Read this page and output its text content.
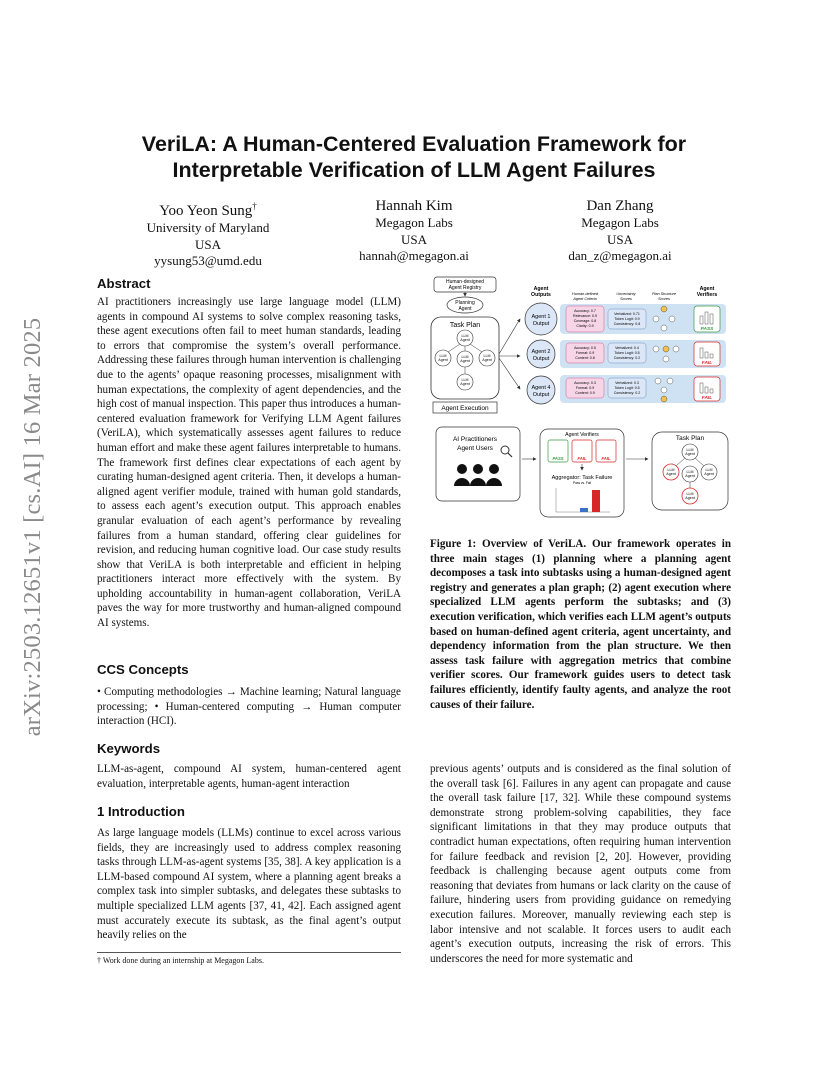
arXiv:2503.12651v1 [cs.AI] 16 Mar 2025
VeriLA: A Human-Centered Evaluation Framework for
Interpretable Verification of LLM Agent Failures
Yoo Yeon Sung†
University of Maryland
USA
yysung53@umd.edu
Hannah Kim
Megagon Labs
USA
hannah@megagon.ai
Dan Zhang
Megagon Labs
USA
dan_z@megagon.ai
Abstract
AI practitioners increasingly use large language model (LLM) agents in compound AI systems to solve complex reasoning tasks, these agent executions often fail to meet human standards, leading to errors that compromise the system’s overall performance. Addressing these failures through human intervention is challenging due to the agents’ opaque reasoning processes, misalignment with human expectations, the complexity of agent dependencies, and the high cost of manual inspection. This paper thus introduces a human-centered evaluation framework for Verifying LLM Agent failures (VeriLA), which systematically assesses agent failures to reduce human effort and make these agent failures interpretable to humans. The framework first defines clear expectations of each agent by curating human-designed agent criteria. Then, it develops a human-aligned agent verifier module, trained with human gold standards, to assess each agent’s execution output. This approach enables granular evaluation of each agent’s performance by revealing failures from a human standard, offering clear guidelines for revision, and reducing human cognitive load. Our case study results show that VeriLA is both interpretable and efficient in helping practitioners interact more effectively with the system. By upholding accountability in human-agent collaboration, VeriLA paves the way for more trustworthy and human-aligned compound AI systems.
CCS Concepts
• Computing methodologies → Machine learning; Natural language processing; • Human-centered computing → Human computer interaction (HCI).
Keywords
LLM-as-agent, compound AI system, human-centered agent evaluation, interpretable agents, human-agent interaction
1 Introduction
As large language models (LLMs) continue to excel across various fields, they are increasingly used to address complex reasoning tasks through LLM-as-agent systems [35, 38]. A key application is a LLM-based compound AI system, where a planning agent breaks a complex task into simpler subtasks, and delegates these subtasks to multiple specialized LLM agents [37, 41, 42]. Each assigned agent must accurately execute its subtask, as the final agent’s output heavily relies on the
† Work done during an internship at Megagon Labs.
Human-designed Agent Registry
Planning Agent
Task Plan
LLM Agent
LLM Agent
LLM Agent
LLM Agent
LLM Agent
Agent Execution
Agent Outputs	Human-defined Agent Criteria
Uncertainty Scores
Plan Structure Scores
Agent Verifiers
Agent 1 Output
Accuracy: 0.7 Relevance: 0.9 Coverage: 0.8 Clarity: 0.9
Verbalized: 0.71 Token Logit: 0.9 Consistency: 0.8
PASS
Agent 2 Output
Accuracy: 0.5 Format: 0.9 Content: 0.8
Verbalized: 0.4 Token Logit: 0.5 Consistency: 0.2
FAIL
Agent 4 Output
Accuracy: 0.3 Format: 0.9 Content: 0.9
Verbalized: 0.3 Token Logit: 0.5 Consistency: 0.2
FAIL
AI Practitioners Agent Users
Agent Verifiers
PASS	FAIL	FAIL
Aggregator: Task Failure
Pass vs. Fail
Task Plan
LLM Agent
LLM Agent	LLM Agent
LLM Agent
LLM Agent
Figure 1: Overview of VeriLA. Our framework operates in three main stages (1) planning where a planning agent decomposes a task into subtasks using a human-designed agent registry and generates a plan graph; (2) agent execution where specialized LLM agents perform the subtasks; and (3) execution verification, which verifies each LLM agent’s outputs based on human-defined agent criteria, agent uncertainty, and dependency information from the plan structure. We then assess task failure with aggregation metrics that combine verifier scores. Our framework guides users to detect task failures efficiently, identify faulty agents, and analyze the root causes of their failure.
previous agents’ outputs and is considered as the final solution of the overall task [6]. Failures in any agent can propagate and cause the overall task failure [17, 32]. While these compound systems demonstrate strong problem-solving capabilities, they face significant limitations in that they may produce outputs that contradict human expectations, often requiring human intervention for failure feedback and revision [2, 20]. However, providing feedback is challenging because agent outputs come from reasoning that deviates from humans or lack clarity on the cause of failure, hindering users from providing guidance on remedying execution failures. Moreover, manually reviewing each step is labor intensive and not scalable. It forces users to audit each agent’s execution outputs, increasing the risk of errors. This underscores the need for more systematic and
